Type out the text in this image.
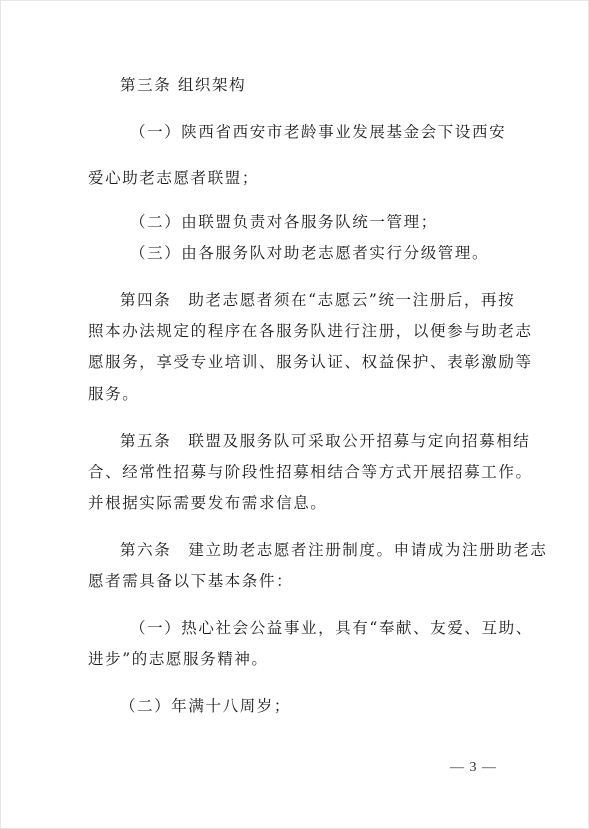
第三条 组织架构
（一）陕西省西安市老龄事业发展基金会下设西安
爱心助老志愿者联盟；
（二）由联盟负责对各服务队统一管理；
（三）由各服务队对助老志愿者实行分级管理。
第四条　助老志愿者须在“志愿云”统一注册后，再按
照本办法规定的程序在各服务队进行注册，以便参与助老志
愿服务，享受专业培训、服务认证、权益保护、表彰激励等
服务。
第五条　联盟及服务队可采取公开招募与定向招募相结
合、经常性招募与阶段性招募相结合等方式开展招募工作。
并根据实际需要发布需求信息。
第六条　建立助老志愿者注册制度。申请成为注册助老志
愿者需具备以下基本条件：
（一）热心社会公益事业，具有“奉献、友爱、互助、
进步”的志愿服务精神。
（二）年满十八周岁；
— 3 —
